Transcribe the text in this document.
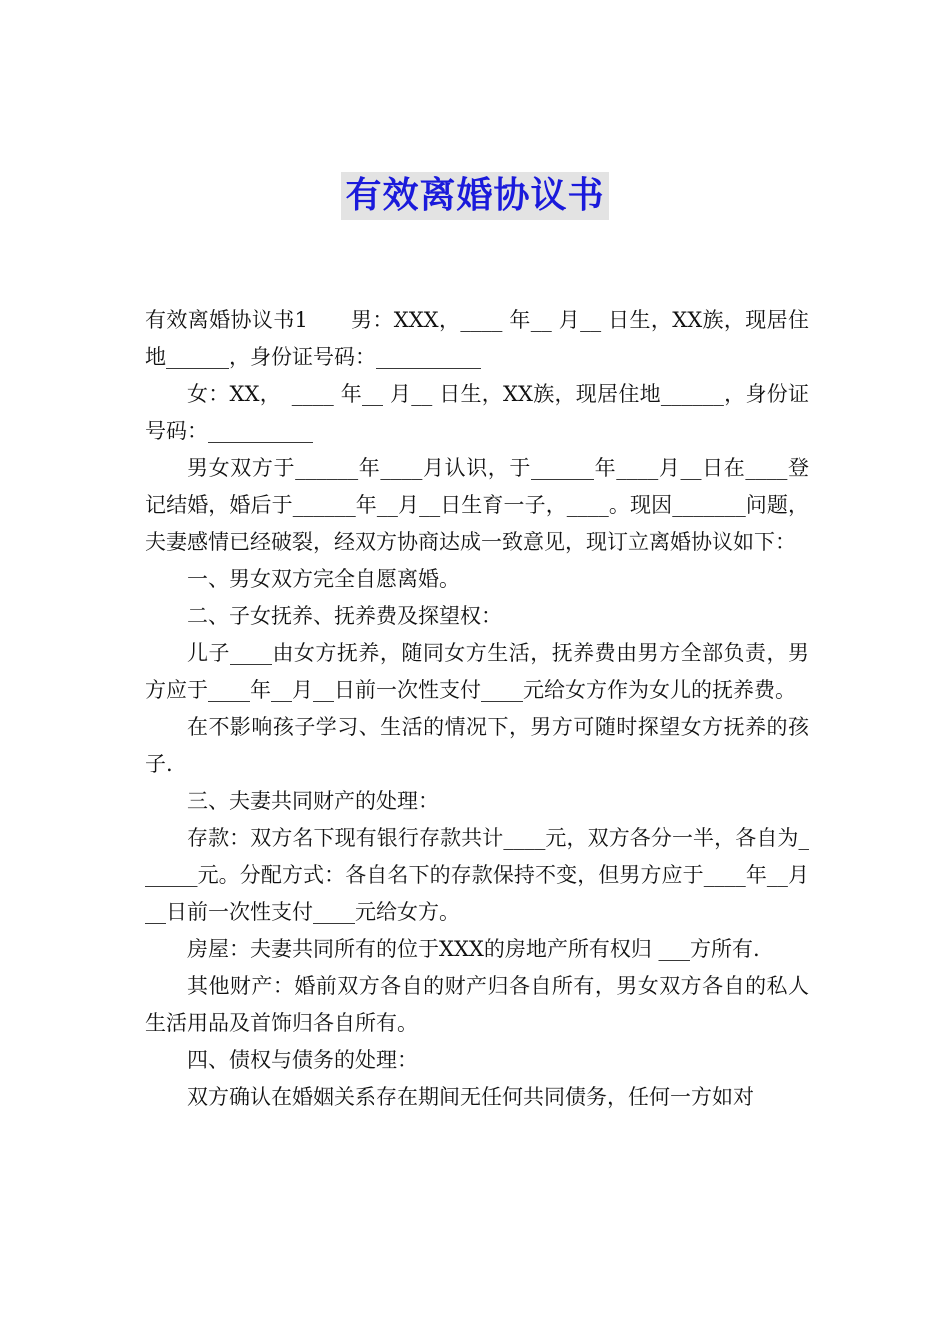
有效离婚协议书

有效离婚协议书1　　男：XXX，____ 年__ 月__ 日生，XX族，现居住地______，身份证号码：__________

女：XX，　____ 年__ 月__ 日生，XX族，现居住地______，身份证号码：__________

男女双方于______年____月认识，于______年____月__日在____登记结婚，婚后于______年__月__日生育一子，____。现因_______问题，夫妻感情已经破裂，经双方协商达成一致意见，现订立离婚协议如下：

一、男女双方完全自愿离婚。

二、子女抚养、抚养费及探望权：

儿子____由女方抚养，随同女方生活，抚养费由男方全部负责，男方应于____年__月__日前一次性支付____元给女方作为女儿的抚养费。

在不影响孩子学习、生活的情况下，男方可随时探望女方抚养的孩子.

三、夫妻共同财产的处理：

存款：双方名下现有银行存款共计____元，双方各分一半，各自为______元。分配方式：各自名下的存款保持不变，但男方应于____年__月__日前一次性支付____元给女方。

房屋：夫妻共同所有的位于XXX的房地产所有权归 ___方所有.

其他财产：婚前双方各自的财产归各自所有，男女双方各自的私人生活用品及首饰归各自所有。

四、债权与债务的处理：

双方确认在婚姻关系存在期间无任何共同债务，任何一方如对
